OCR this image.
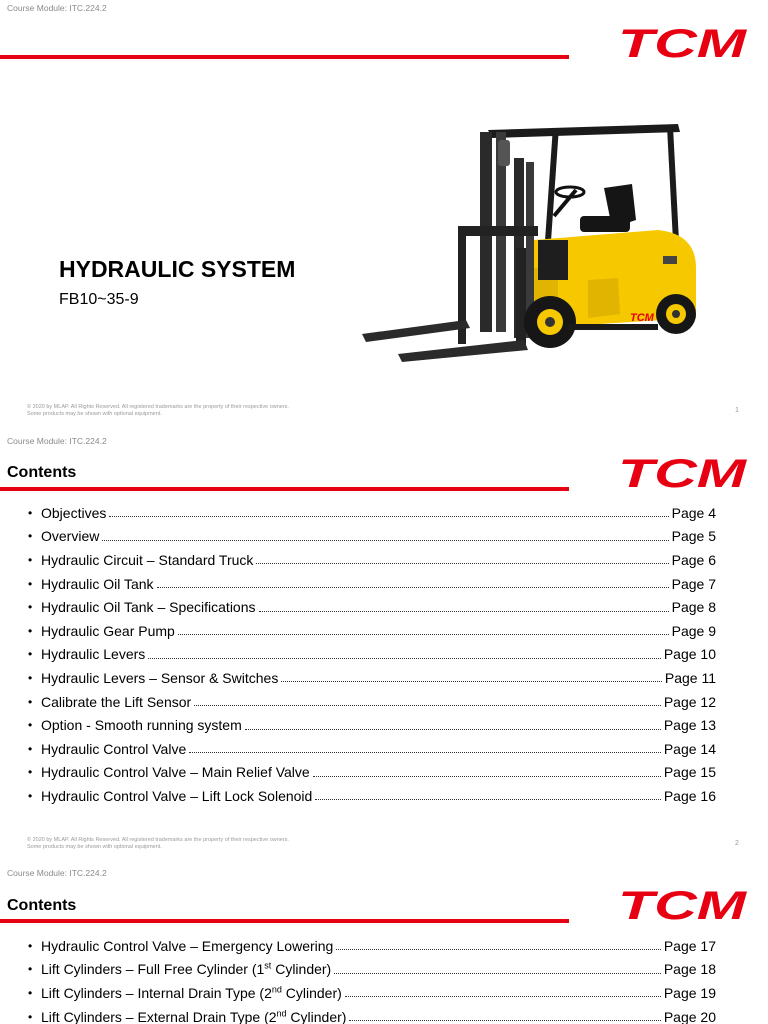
Course Module: ITC.224.2
TCM
HYDRAULIC SYSTEM
FB10~35-9
TCM
© 2020 by MLAP. All Rights Reserved. All registered trademarks are the property of their respective owners.
Some products may be shown with optional equipment.	1
Course Module: ITC.224.2
Contents	TCM
• Objectives	Page 4
• Overview	Page 5
• Hydraulic Circuit – Standard Truck	Page 6
• Hydraulic Oil Tank	Page 7
• Hydraulic Oil Tank – Specifications	Page 8
• Hydraulic Gear Pump	Page 9
• Hydraulic Levers	Page 10
• Hydraulic Levers – Sensor & Switches	Page 11
• Calibrate the Lift Sensor	Page 12
• Option - Smooth running system	Page 13
• Hydraulic Control Valve	Page 14
• Hydraulic Control Valve – Main Relief Valve	Page 15
• Hydraulic Control Valve – Lift Lock Solenoid	Page 16
© 2020 by MLAP. All Rights Reserved. All registered trademarks are the property of their respective owners.
Some products may be shown with optional equipment.	2
Course Module: ITC.224.2
Contents	TCM
• Hydraulic Control Valve – Emergency Lowering	Page 17
• Lift Cylinders – Full Free Cylinder (1st Cylinder)	Page 18
• Lift Cylinders – Internal Drain Type (2nd Cylinder)	Page 19
• Lift Cylinders – External Drain Type (2nd Cylinder)	Page 20
